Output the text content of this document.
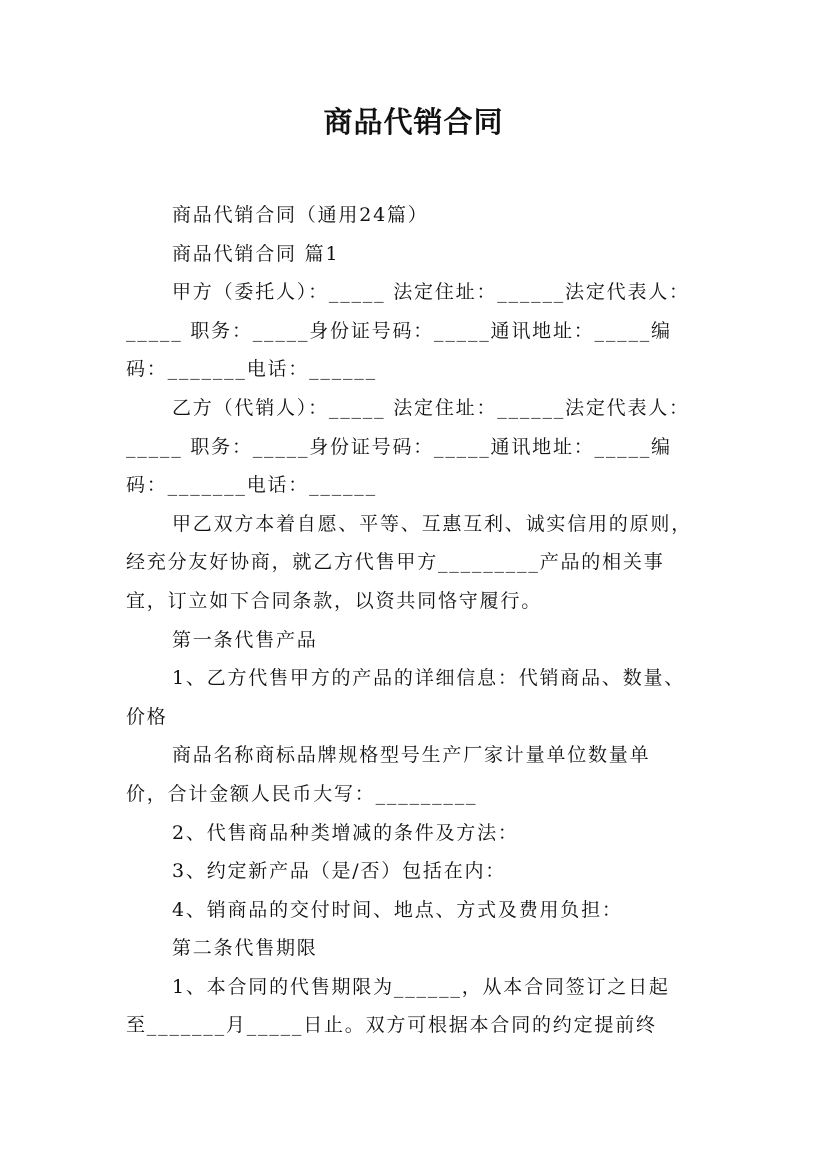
商品代销合同

商品代销合同（通用24篇）

商品代销合同 篇1

甲方（委托人）：_____ 法定住址：______法定代表人：

_____ 职务：_____身份证号码：_____通讯地址：_____编

码：_______电话：______

乙方（代销人）：_____ 法定住址：______法定代表人：

_____ 职务：_____身份证号码：_____通讯地址：_____编

码：_______电话：______

甲乙双方本着自愿、平等、互惠互利、诚实信用的原则，

经充分友好协商，就乙方代售甲方_________产品的相关事

宜，订立如下合同条款，以资共同恪守履行。

第一条代售产品

1、乙方代售甲方的产品的详细信息：代销商品、数量、

价格

商品名称商标品牌规格型号生产厂家计量单位数量单

价，合计金额人民币大写：_________

2、代售商品种类增减的条件及方法：

3、约定新产品（是/否）包括在内：

4、销商品的交付时间、地点、方式及费用负担：

第二条代售期限

1、本合同的代售期限为______，从本合同签订之日起

至_______月_____日止。双方可根据本合同的约定提前终
